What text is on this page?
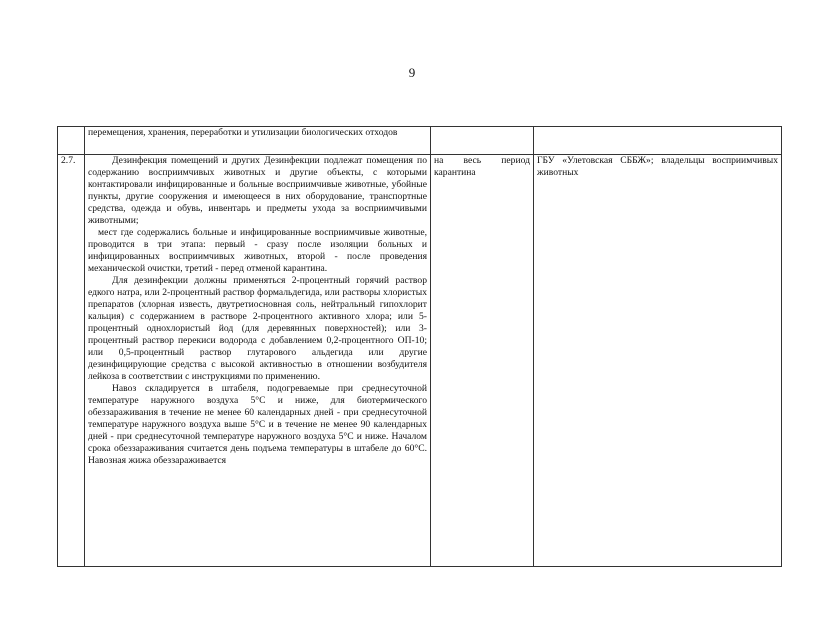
9

	перемещения, хранения, переработки и утилизации биологических отходов		

2.7.	Дезинфекция помещений и других Дезинфекции подлежат помещения по содержанию восприимчивых животных и другие объекты, с которыми контактировали инфицированные и больные восприимчивые животные, убойные пункты, другие сооружения и имеющееся в них оборудование, транспортные средства, одежда и обувь, инвентарь и предметы ухода за восприимчивыми животными;

мест где содержались больные и инфицированные восприимчивые животные, проводится в три этапа: первый - сразу после изоляции больных и инфицированных восприимчивых животных, второй - после проведения механической очистки, третий - перед отменой карантина.

Для дезинфекции должны применяться 2-процентный горячий раствор едкого натра, или 2-процентный раствор формальдегида, или растворы хлористых препаратов (хлорная известь, двутретиосновная соль, нейтральный гипохлорит кальция) с содержанием в растворе 2-процентного активного хлора; или 5-процентный однохлористый йод (для деревянных поверхностей); или 3-процентный раствор перекиси водорода с добавлением 0,2-процентного ОП-10; или 0,5-процентный раствор глутарового альдегида или другие дезинфицирующие средства с высокой активностью в отношении возбудителя лейкоза в соответствии с инструкциями по применению.

Навоз складируется в штабеля, подогреваемые при среднесуточной температуре наружного воздуха 5°С и ниже, для биотермического обеззараживания в течение не менее 60 календарных дней - при среднесуточной температуре наружного воздуха выше 5°С и в течение не менее 90 календарных дней - при среднесуточной температуре наружного воздуха 5°С и ниже. Началом срока обеззараживания считается день подъема температуры в штабеле до 60°С. Навозная жижа обеззараживается	на весь период карантина	ГБУ «Улетовская СББЖ»; владельцы восприимчивых животных
